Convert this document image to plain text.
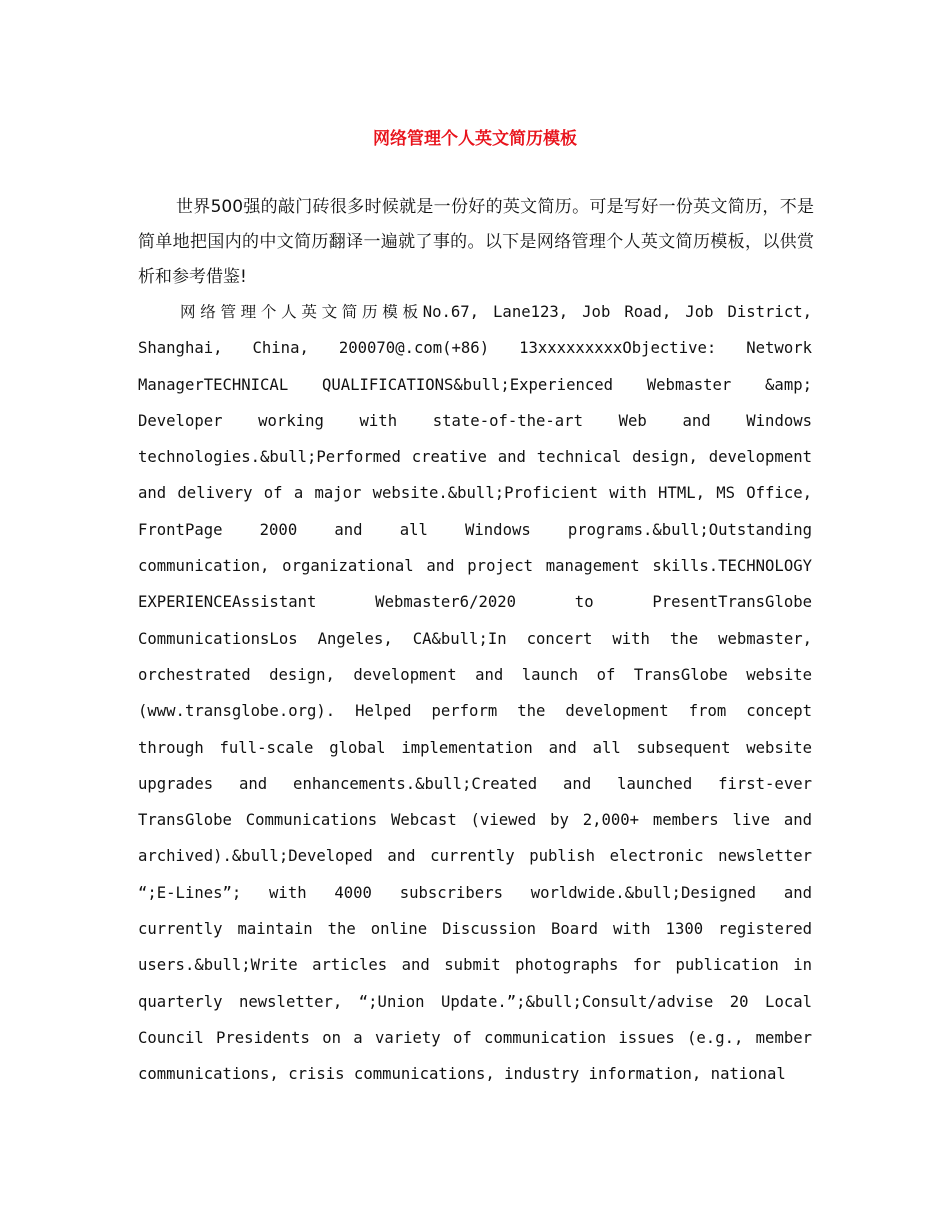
网络管理个人英文简历模板

世界500强的敲门砖很多时候就是一份好的英文简历。可是写好一份英文简历，不是简单地把国内的中文简历翻译一遍就了事的。以下是网络管理个人英文简历模板，以供赏析和参考借鉴!

网络管理个人英文简历模板No.67, Lane123, Job Road, Job District, Shanghai, China, 200070@.com(+86) 13xxxxxxxxxObjective: Network ManagerTECHNICAL QUALIFICATIONS&bull;Experienced Webmaster &amp; Developer working with state-of-the-art Web and Windows technologies.&bull;Performed creative and technical design, development and delivery of a major website.&bull;Proficient with HTML, MS Office, FrontPage 2000 and all Windows programs.&bull;Outstanding communication, organizational and project management skills.TECHNOLOGY EXPERIENCEAssistant Webmaster6/2020 to PresentTransGlobe CommunicationsLos Angeles, CA&bull;In concert with the webmaster, orchestrated design, development and launch of TransGlobe website (www.transglobe.org). Helped perform the development from concept through full-scale global implementation and all subsequent website upgrades and enhancements.&bull;Created and launched first-ever TransGlobe Communications Webcast (viewed by 2,000+ members live and archived).&bull;Developed and currently publish electronic newsletter “;E-Lines”; with 4000 subscribers worldwide.&bull;Designed and currently maintain the online Discussion Board with 1300 registered users.&bull;Write articles and submit photographs for publication in quarterly newsletter, “;Union Update.”;&bull;Consult/advise 20 Local Council Presidents on a variety of communication issues (e.g., member communications, crisis communications, industry information, national
